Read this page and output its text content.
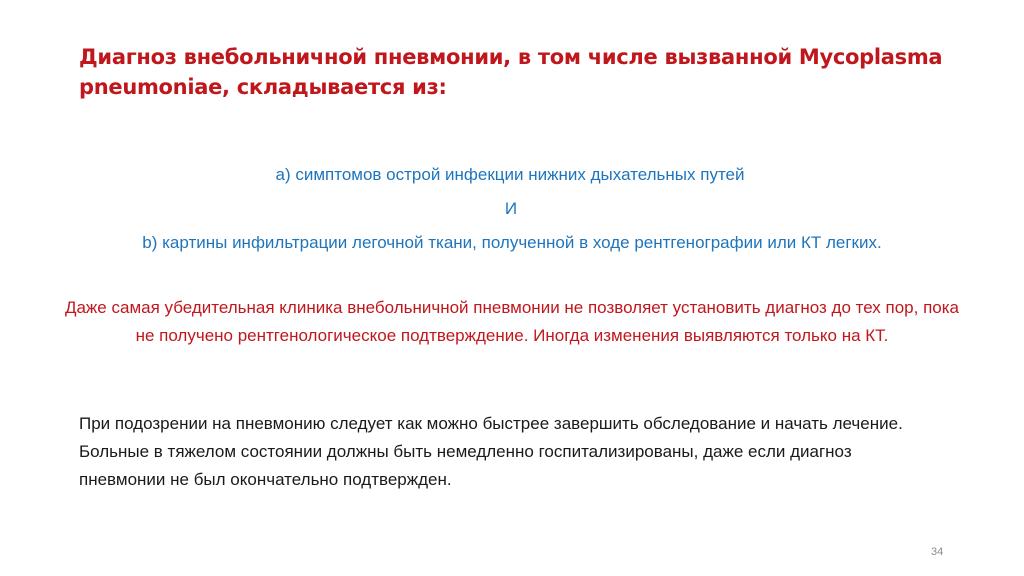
Диагноз внебольничной пневмонии, в том числе вызванной Mycoplasma pneumoniae, складывается из:

a) симптомов острой инфекции нижних дыхательных путей

И

b) картины инфильтрации легочной ткани, полученной в ходе рентгенографии или КТ легких.

Даже самая убедительная клиника внебольничной пневмонии не позволяет установить диагноз до тех пор, пока не получено рентгенологическое подтверждение. Иногда изменения выявляются только на КТ.

При подозрении на пневмонию следует как можно быстрее завершить обследование и начать лечение. Больные в тяжелом состоянии должны быть немедленно госпитализированы, даже если диагноз пневмонии не был окончательно подтвержден.

34
